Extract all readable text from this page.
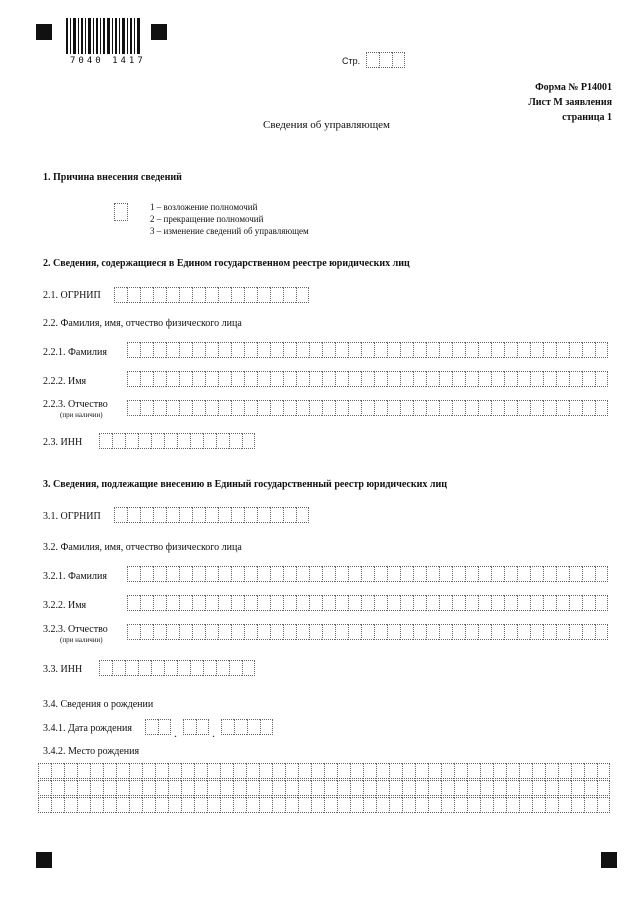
7040 1417	Стр.
Форма № Р14001
Лист М заявления
страница 1
Сведения об управляющем
1. Причина внесения сведений
1 – возложение полномочий
2 – прекращение полномочий
3 – изменение сведений об управляющем
2. Сведения, содержащиеся в Едином государственном реестре юридических лиц
2.1. ОГРНИП
2.2. Фамилия, имя, отчество физического лица
2.2.1. Фамилия
2.2.2. Имя
2.2.3. Отчество
(при наличии)
2.3. ИНН
3. Сведения, подлежащие внесению в Единый государственный реестр юридических лиц
3.1. ОГРНИП
3.2. Фамилия, имя, отчество физического лица
3.2.1. Фамилия
3.2.2. Имя
3.2.3. Отчество
(при наличии)
3.3. ИНН
3.4. Сведения о рождении
3.4.1. Дата рождения	.	.
3.4.2. Место рождения
